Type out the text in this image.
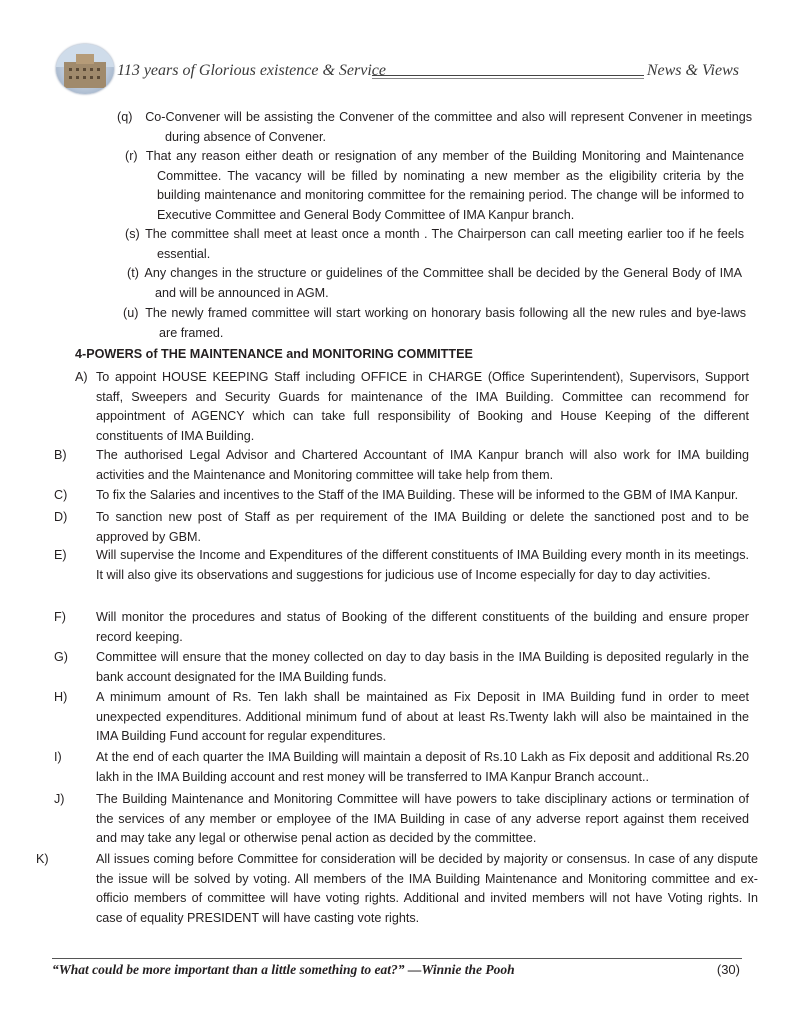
113 years of Glorious existence & Service	News & Views
(q) Co-Convener will be assisting the Convener of the committee and also will represent Convener in meetings during absence of Convener.
(r) That any reason either death or resignation of any member of the Building Monitoring and Maintenance Committee. The vacancy will be filled by nominating a new member as the eligibility criteria by the building maintenance and monitoring committee for the remaining period. The change will be informed to Executive Committee and General Body Committee of IMA Kanpur branch.
(s) The committee shall meet at least once a month . The Chairperson can call meeting earlier too if he feels essential.
(t) Any changes in the structure or guidelines of the Committee shall be decided by the General Body of IMA and will be announced in AGM.
(u) The newly framed committee will start working on honorary basis following all the new rules and bye-laws are framed.
4-POWERS of THE MAINTENANCE and MONITORING COMMITTEE
A) To appoint HOUSE KEEPING Staff including OFFICE in CHARGE (Office Superintendent), Supervisors, Support staff, Sweepers and Security Guards for maintenance of the IMA Building. Committee can recommend for appointment of AGENCY which can take full responsibility of Booking and House Keeping of the different constituents of IMA Building.
B) The authorised Legal Advisor and Chartered Accountant of IMA Kanpur branch will also work for IMA building activities and the Maintenance and Monitoring committee will take help from them.
C) To fix the Salaries and incentives to the Staff of the IMA Building. These will be informed to the GBM of IMA Kanpur.
D) To sanction new post of Staff as per requirement of the IMA Building or delete the sanctioned post and to be approved by GBM.
E) Will supervise the Income and Expenditures of the different constituents of IMA Building every month in its meetings. It will also give its observations and suggestions for judicious use of Income especially for day to day activities.
F) Will monitor the procedures and status of Booking of the different constituents of the building and ensure proper record keeping.
G) Committee will ensure that the money collected on day to day basis in the IMA Building is deposited regularly in the bank account designated for the IMA Building funds.
H) A minimum amount of Rs. Ten lakh shall be maintained as Fix Deposit in IMA Building fund in order to meet unexpected expenditures. Additional minimum fund of about at least Rs.Twenty lakh will also be maintained in the IMA Building Fund account for regular expenditures.
I)	At the end of each quarter the IMA Building will maintain a deposit of Rs.10 Lakh as Fix deposit and additional Rs.20 lakh in the IMA Building account and rest money will be transferred to IMA Kanpur Branch account..
J)	The Building Maintenance and Monitoring Committee will have powers to take disciplinary actions or termination of the services of any member or employee of the IMA Building in case of any adverse report against them received and may take any legal or otherwise penal action as decided by the committee.
K)	All issues coming before Committee for consideration will be decided by majority or consensus. In case of any dispute the issue will be solved by voting. All members of the IMA Building Maintenance and Monitoring committee and ex-officio members of committee will have voting rights. Additional and invited members will not have Voting rights. In case of equality PRESIDENT will have casting vote rights.
“What could be more important than a little something to eat?” —Winnie the Pooh	(30)
